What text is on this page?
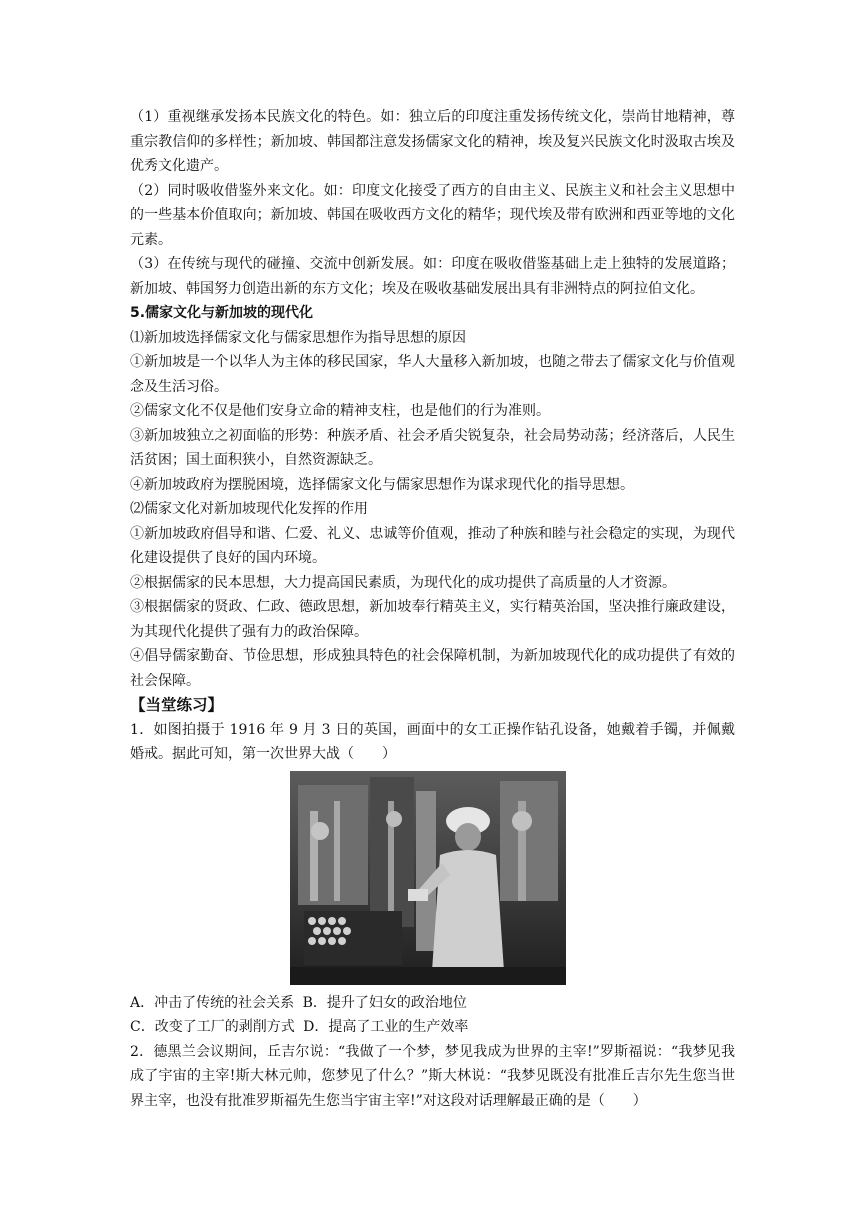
（1）重视继承发扬本民族文化的特色。如：独立后的印度注重发扬传统文化，崇尚甘地精神，尊重宗教信仰的多样性；新加坡、韩国都注意发扬儒家文化的精神，埃及复兴民族文化时汲取古埃及优秀文化遗产。

（2）同时吸收借鉴外来文化。如：印度文化接受了西方的自由主义、民族主义和社会主义思想中的一些基本价值取向；新加坡、韩国在吸收西方文化的精华；现代埃及带有欧洲和西亚等地的文化元素。

（3）在传统与现代的碰撞、交流中创新发展。如：印度在吸收借鉴基础上走上独特的发展道路；新加坡、韩国努力创造出新的东方文化；埃及在吸收基础发展出具有非洲特点的阿拉伯文化。

5.儒家文化与新加坡的现代化

⑴新加坡选择儒家文化与儒家思想作为指导思想的原因

①新加坡是一个以华人为主体的移民国家，华人大量移入新加坡，也随之带去了儒家文化与价值观念及生活习俗。

②儒家文化不仅是他们安身立命的精神支柱，也是他们的行为准则。

③新加坡独立之初面临的形势：种族矛盾、社会矛盾尖锐复杂，社会局势动荡；经济落后，人民生活贫困；国土面积狭小，自然资源缺乏。

④新加坡政府为摆脱困境，选择儒家文化与儒家思想作为谋求现代化的指导思想。

⑵儒家文化对新加坡现代化发挥的作用

①新加坡政府倡导和谐、仁爱、礼义、忠诚等价值观，推动了种族和睦与社会稳定的实现，为现代化建设提供了良好的国内环境。

②根据儒家的民本思想，大力提高国民素质，为现代化的成功提供了高质量的人才资源。

③根据儒家的贤政、仁政、德政思想，新加坡奉行精英主义，实行精英治国，坚决推行廉政建设，为其现代化提供了强有力的政治保障。

④倡导儒家勤奋、节俭思想，形成独具特色的社会保障机制，为新加坡现代化的成功提供了有效的社会保障。

【当堂练习】

1．如图拍摄于 1916 年 9 月 3 日的英国，画面中的女工正操作钻孔设备，她戴着手镯，并佩戴婚戒。据此可知，第一次世界大战（　　）

A．冲击了传统的社会关系 B．提升了妇女的政治地位

C．改变了工厂的剥削方式 D．提高了工业的生产效率

2．德黑兰会议期间，丘吉尔说：“我做了一个梦，梦见我成为世界的主宰!”罗斯福说：“我梦见我成了宇宙的主宰!斯大林元帅，您梦见了什么？”斯大林说：“我梦见既没有批准丘吉尔先生您当世界主宰，也没有批准罗斯福先生您当宇宙主宰!”对这段对话理解最正确的是（　　）
